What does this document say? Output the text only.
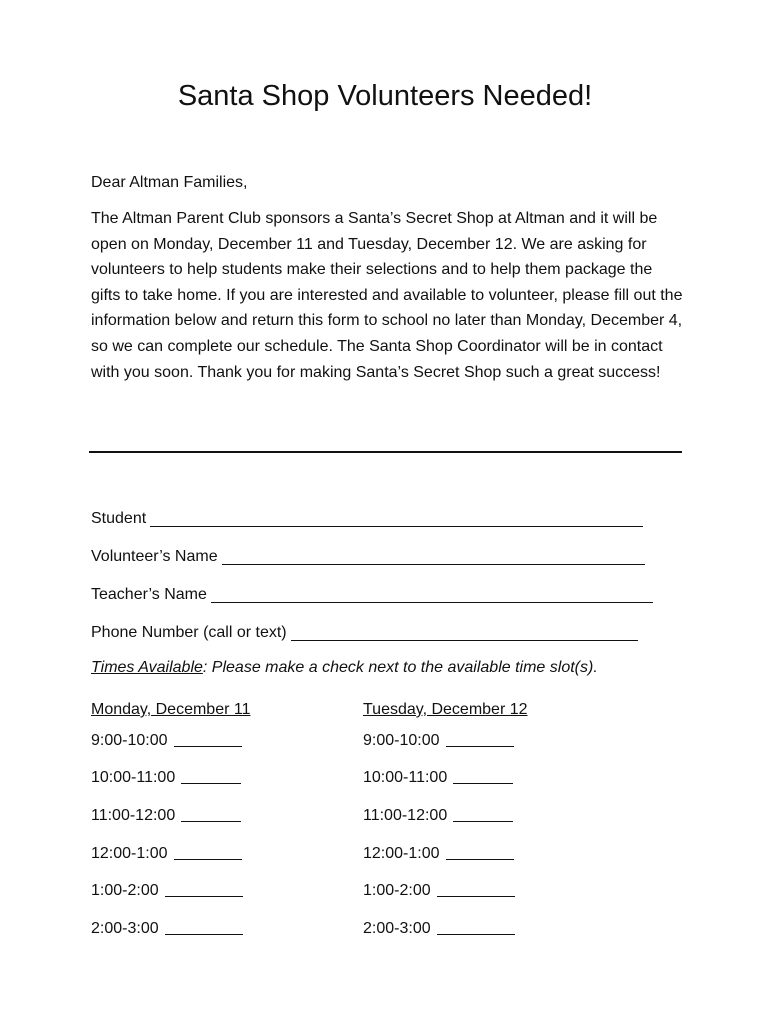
Santa Shop Volunteers Needed!
Dear Altman Families,

The Altman Parent Club sponsors a Santa’s Secret Shop at Altman and it will be open on Monday, December 11 and Tuesday, December 12. We are asking for volunteers to help students make their selections and to help them package the gifts to take home. If you are interested and available to volunteer, please fill out the information below and return this form to school no later than Monday, December 4, so we can complete our schedule. The Santa Shop Coordinator will be in contact with you soon. Thank you for making Santa’s Secret Shop such a great success!

Student
Volunteer’s Name
Teacher’s Name
Phone Number (call or text)
Times Available: Please make a check next to the available time slot(s).
Monday, December 11
9:00-10:00
10:00-11:00
11:00-12:00
12:00-1:00
1:00-2:00
2:00-3:00
Tuesday, December 12
9:00-10:00
10:00-11:00
11:00-12:00
12:00-1:00
1:00-2:00
2:00-3:00
